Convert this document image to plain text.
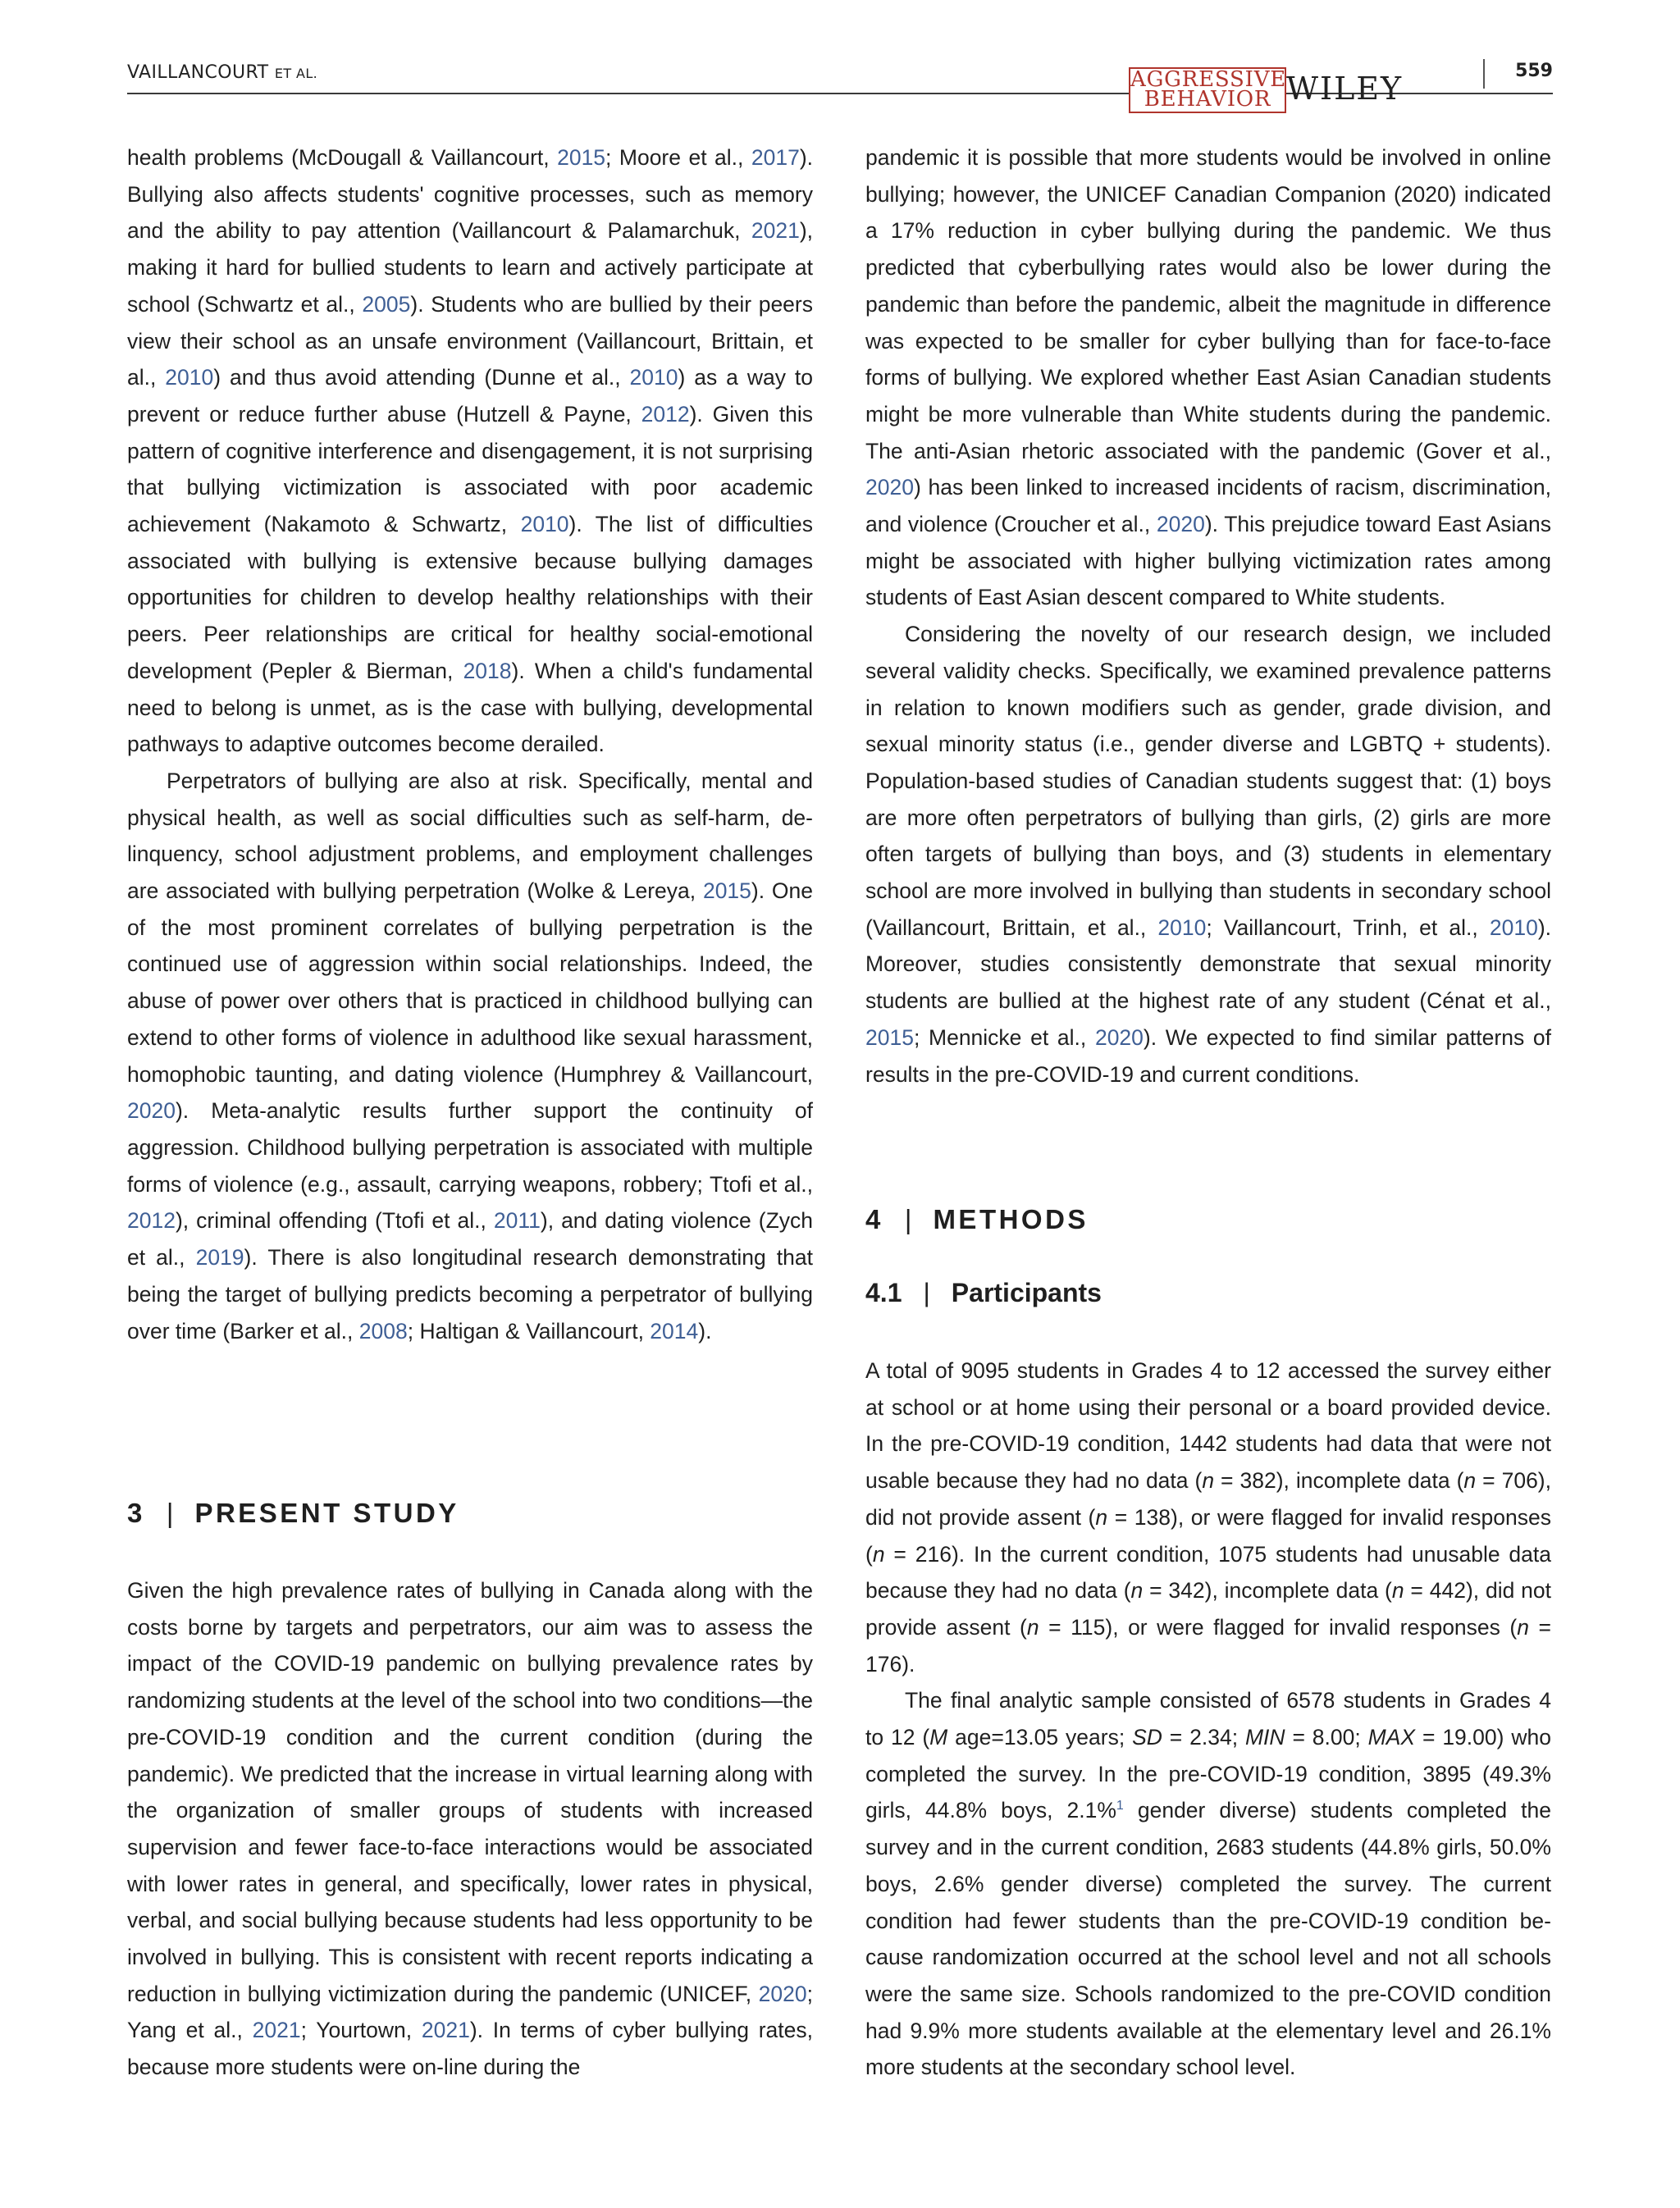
VAILLANCOURT ET AL.	AGGRESSIVE
BEHAVIOR WILEY	559

health problems (McDougall & Vaillancourt, 2015; Moore et al., 2017). Bullying also affects students' cognitive processes, such as memory and the ability to pay attention (Vaillancourt & Palamarchuk, 2021), making it hard for bullied students to learn and actively participate at school (Schwartz et al., 2005). Students who are bullied by their peers view their school as an unsafe environment (Vaillancourt, Brittain, et al., 2010) and thus avoid attending (Dunne et al., 2010) as a way to prevent or reduce further abuse (Hutzell & Payne, 2012). Given this pattern of cognitive interference and disengagement, it is not surprising that bullying victimization is associated with poor academic achievement (Nakamoto & Schwartz, 2010). The list of difficulties associated with bullying is extensive because bullying damages opportunities for children to develop healthy relationships with their peers. Peer relationships are critical for healthy social-emotional development (Pepler & Bierman, 2018). When a child's fundamental need to belong is unmet, as is the case with bullying, developmental pathways to adaptive outcomes become derailed.

Perpetrators of bullying are also at risk. Specifically, mental and physical health, as well as social difficulties such as self-harm, delinquency, school adjustment problems, and employment challenges are associated with bullying perpetration (Wolke & Lereya, 2015). One of the most prominent correlates of bullying perpetration is the continued use of aggression within social relationships. Indeed, the abuse of power over others that is practiced in childhood bullying can extend to other forms of violence in adulthood like sexual harassment, homophobic taunting, and dating violence (Humphrey & Vaillancourt, 2020). Meta-analytic results further support the continuity of aggression. Childhood bullying perpetration is associated with multiple forms of violence (e.g., assault, carrying weapons, robbery; Ttofi et al., 2012), criminal offending (Ttofi et al., 2011), and dating violence (Zych et al., 2019). There is also longitudinal research demonstrating that being the target of bullying predicts becoming a perpetrator of bullying over time (Barker et al., 2008; Haltigan & Vaillancourt, 2014).

3 | PRESENT STUDY

Given the high prevalence rates of bullying in Canada along with the costs borne by targets and perpetrators, our aim was to assess the impact of the COVID-19 pandemic on bullying prevalence rates by randomizing students at the level of the school into two conditions—the pre-COVID-19 condition and the current condition (during the pandemic). We predicted that the increase in virtual learning along with the organization of smaller groups of students with increased supervision and fewer face-to-face interactions would be associated with lower rates in general, and specifically, lower rates in physical, verbal, and social bullying because students had less opportunity to be involved in bullying. This is consistent with recent reports indicating a reduction in bullying victimization during the pandemic (UNICEF, 2020; Yang et al., 2021; Yourtown, 2021). In terms of cyber bullying rates, because more students were on-line during the

pandemic it is possible that more students would be involved in online bullying; however, the UNICEF Canadian Companion (2020) indicated a 17% reduction in cyber bullying during the pandemic. We thus predicted that cyberbullying rates would also be lower during the pandemic than before the pandemic, albeit the magnitude in difference was expected to be smaller for cyber bullying than for face-to-face forms of bullying. We explored whether East Asian Canadian students might be more vulnerable than White students during the pandemic. The anti-Asian rhetoric associated with the pandemic (Gover et al., 2020) has been linked to increased incidents of racism, discrimination, and violence (Croucher et al., 2020). This prejudice toward East Asians might be associated with higher bullying victimization rates among students of East Asian descent compared to White students.

Considering the novelty of our research design, we included several validity checks. Specifically, we examined prevalence patterns in relation to known modifiers such as gender, grade division, and sexual minority status (i.e., gender diverse and LGBTQ + students). Population-based studies of Canadian students suggest that: (1) boys are more often perpetrators of bullying than girls, (2) girls are more often targets of bullying than boys, and (3) students in elementary school are more involved in bullying than students in secondary school (Vaillancourt, Brittain, et al., 2010; Vaillancourt, Trinh, et al., 2010). Moreover, studies consistently demonstrate that sexual minority students are bullied at the highest rate of any student (Cénat et al., 2015; Mennicke et al., 2020). We expected to find similar patterns of results in the pre-COVID-19 and current conditions.

4 | METHODS
4.1 | Participants

A total of 9095 students in Grades 4 to 12 accessed the survey either at school or at home using their personal or a board provided device. In the pre-COVID-19 condition, 1442 students had data that were not usable because they had no data (n = 382), incomplete data (n = 706), did not provide assent (n = 138), or were flagged for invalid responses (n = 216). In the current condition, 1075 students had unusable data because they had no data (n = 342), incomplete data (n = 442), did not provide assent (n = 115), or were flagged for invalid responses (n = 176).

The final analytic sample consisted of 6578 students in Grades 4 to 12 (M age=13.05 years; SD = 2.34; MIN = 8.00; MAX = 19.00) who completed the survey. In the pre-COVID-19 condition, 3895 (49.3% girls, 44.8% boys, 2.1%$^1$ gender diverse) students completed the survey and in the current condition, 2683 students (44.8% girls, 50.0% boys, 2.6% gender diverse) completed the survey. The current condition had fewer students than the pre-COVID-19 condition because randomization occurred at the school level and not all schools were the same size. Schools randomized to the pre-COVID condition had 9.9% more students available at the elementary level and 26.1% more students at the secondary school level.
